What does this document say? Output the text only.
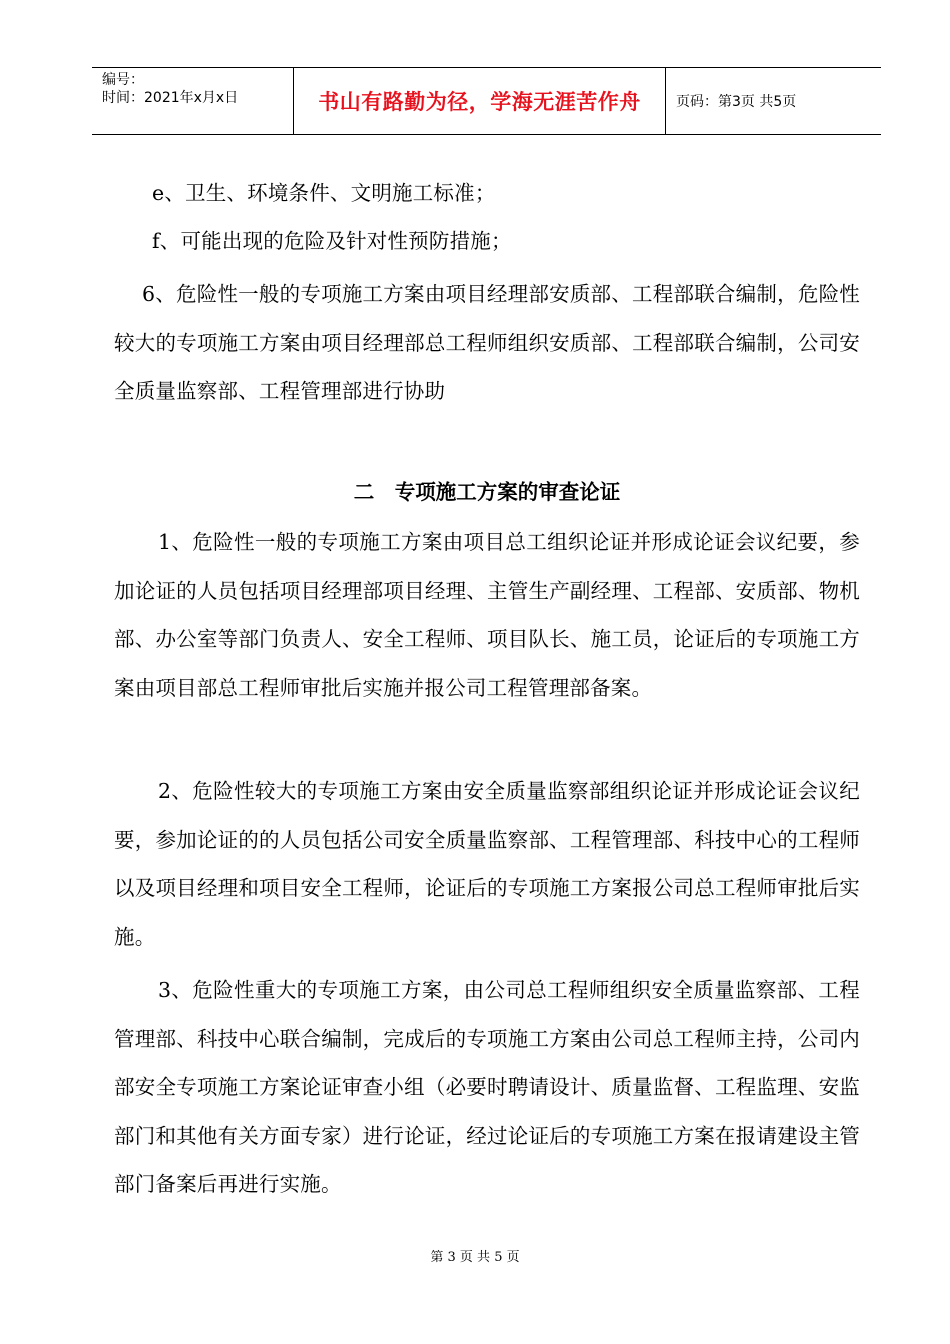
编号：
时间：2021年x月x日	书山有路勤为径，学海无涯苦作舟	页码：第3页 共5页

e、卫生、环境条件、文明施工标准；

f、可能出现的危险及针对性预防措施；

6、危险性一般的专项施工方案由项目经理部安质部、工程部联合编制，危险性较大的专项施工方案由项目经理部总工程师组织安质部、工程部联合编制，公司安全质量监察部、工程管理部进行协助

二　专项施工方案的审查论证

1、危险性一般的专项施工方案由项目总工组织论证并形成论证会议纪要，参加论证的人员包括项目经理部项目经理、主管生产副经理、工程部、安质部、物机部、办公室等部门负责人、安全工程师、项目队长、施工员，论证后的专项施工方案由项目部总工程师审批后实施并报公司工程管理部备案。

2、危险性较大的专项施工方案由安全质量监察部组织论证并形成论证会议纪要，参加论证的的人员包括公司安全质量监察部、工程管理部、科技中心的工程师以及项目经理和项目安全工程师，论证后的专项施工方案报公司总工程师审批后实施。

3、危险性重大的专项施工方案，由公司总工程师组织安全质量监察部、工程管理部、科技中心联合编制，完成后的专项施工方案由公司总工程师主持，公司内部安全专项施工方案论证审查小组（必要时聘请设计、质量监督、工程监理、安监部门和其他有关方面专家）进行论证，经过论证后的专项施工方案在报请建设主管部门备案后再进行实施。

第 3 页 共 5 页
